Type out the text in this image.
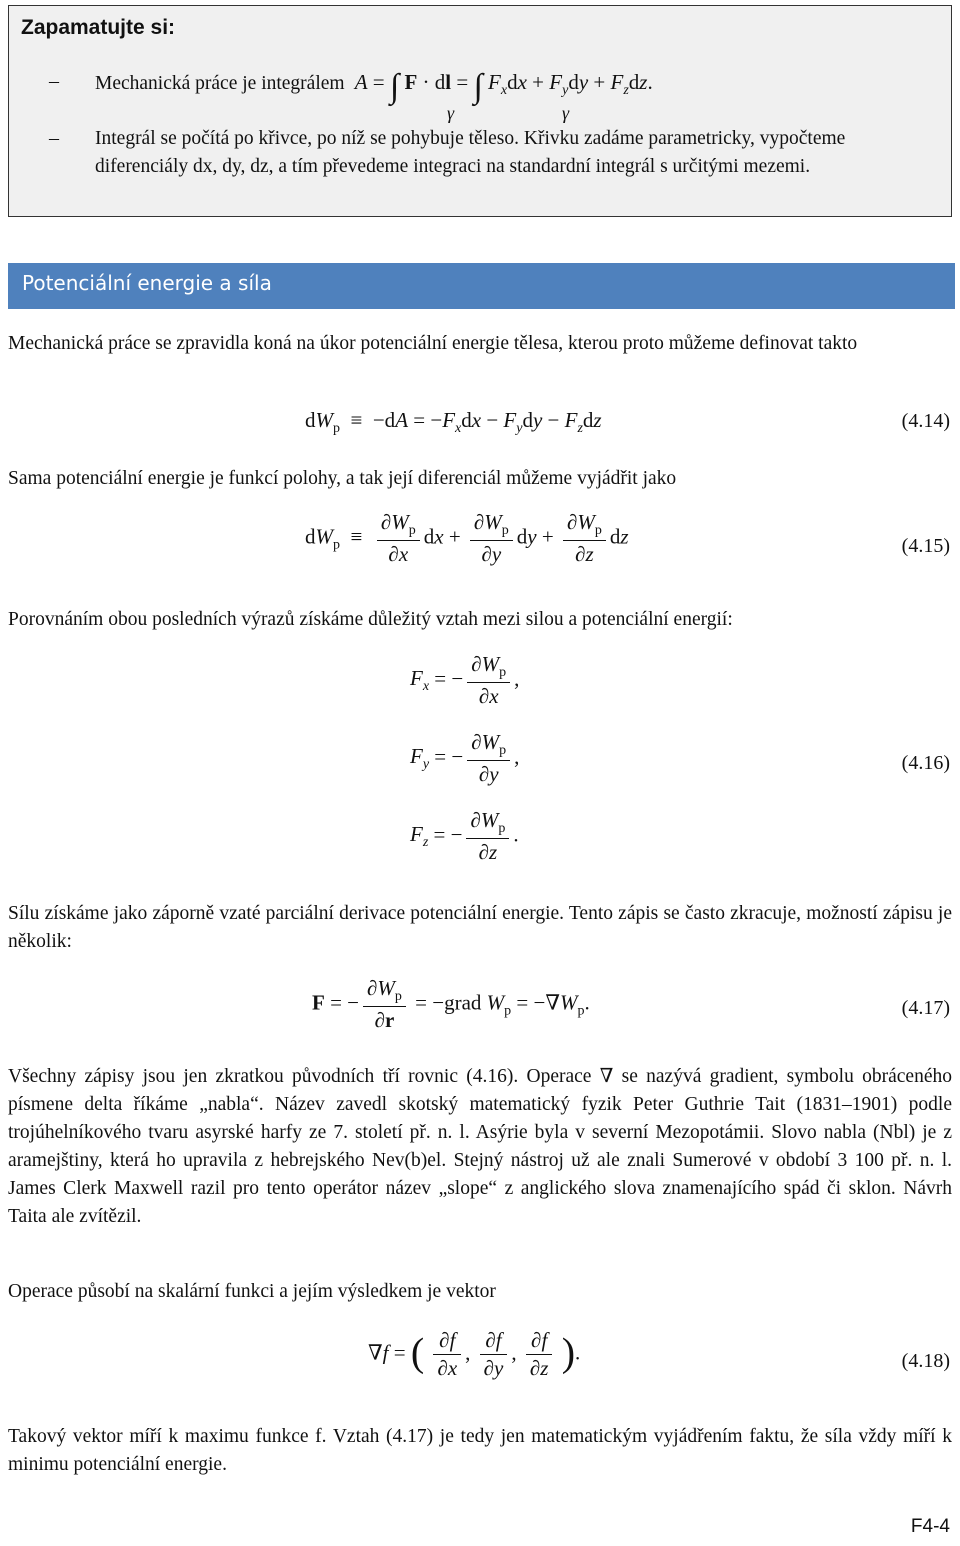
Zapamatujte si:
– Mechanická práce je integrálem A = ∫ F · dl = ∫ $F_xdx + F_ydy + F_zdz$.
γ	γ
– Integrál se počítá po křivce, po níž se pohybuje těleso. Křivku zadáme parametricky, vypočteme diferenciály dx, dy, dz, a tím převedeme integraci na standardní integrál s určitými mezemi.
Potenciální energie a síla
Mechanická práce se zpravidla koná na úkor potenciální energie tělesa, kterou proto můžeme definovat takto
$dW_p \equiv -dA = -F_xdx - F_ydy - F_zdz$	(4.14)
Sama potenciální energie je funkcí polohy, a tak její diferenciál můžeme vyjádřit jako
$dW_p \equiv \frac{\partial W_p}{\partial x}$ dx + $\frac{\partial W_p}{\partial y}$ dy + $\frac{\partial W_p}{\partial z}$ dz	(4.15)
Porovnáním obou posledních výrazů získáme důležitý vztah mezi silou a potenciální energií:
$F_x$ = − $\frac{\partial W_p}{\partial x}$ ,
$F_y$ = − $\frac{\partial W_p}{\partial y}$ ,
$F_z$ = − $\frac{\partial W_p}{\partial z}$ .
(4.16)
Sílu získáme jako záporně vzaté parciální derivace potenciální energie. Tento zápis se často zkracuje, možností zápisu je několik:
F = − $\frac{\partial W_p}{\partial r}$ = −grad $W_p = -\nabla W_p$.	(4.17)
Všechny zápisy jsou jen zkratkou původních tří rovnic (4.16). Operace ∇ se nazývá gradient, symbolu obráceného písmene delta říkáme „nabla“. Název zavedl skotský matematický fyzik Peter Guthrie Tait (1831–1901) podle trojúhelníkového tvaru asyrské harfy ze 7. století př. n. l. Asýrie byla v severní Mezopotámii. Slovo nabla (Nbl) je z aramejštiny, která ho upravila z hebrejského Nev(b)el. Stejný nástroj už ale znali Sumerové v období 3 100 př. n. l. James Clerk Maxwell razil pro tento operátor název „slope“ z anglického slova znamenajícího spád či sklon. Návrh Taita ale zvítězil.
Operace působí na skalární funkci a jejím výsledkem je vektor
∇f = ( $\frac{\partial f}{\partial x}$ , $\frac{\partial f}{\partial y}$ , $\frac{\partial f}{\partial z}$ ).	(4.18)
Takový vektor míří k maximu funkce f. Vztah (4.17) je tedy jen matematickým vyjádřením faktu, že síla vždy míří k minimu potenciální energie.
F4-4
